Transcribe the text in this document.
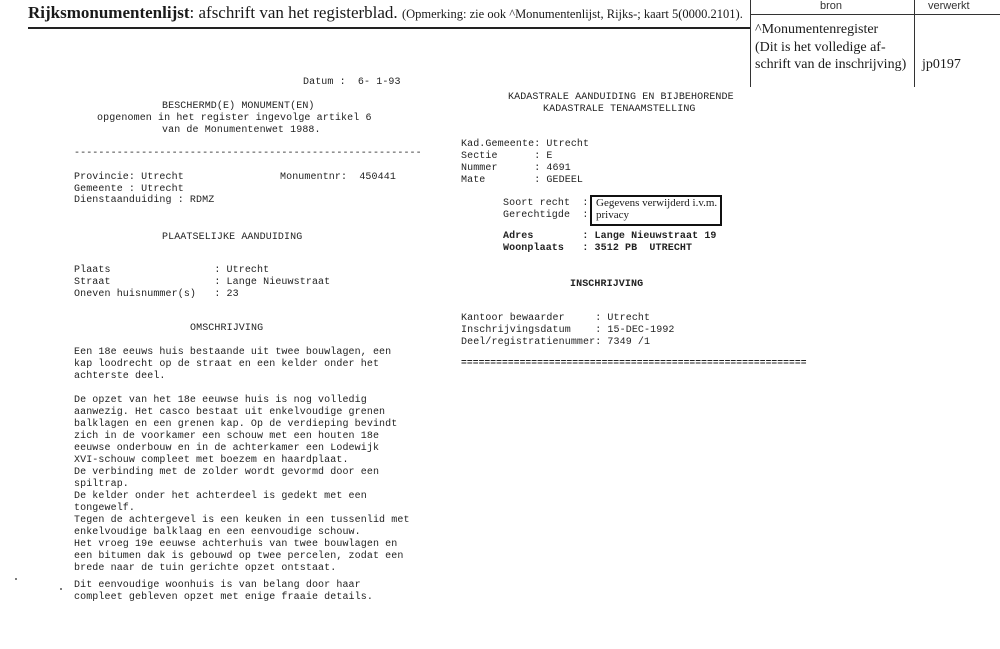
Rijksmonumentenlijst: afschrift van het registerblad. (Opmerking: zie ook ^Monumentenlijst, Rijks-; kaart 5(0000.2101).
bron	verwerkt
^Monumentenregister
(Dit is het volledige af-
schrift van de inschrijving) jp0197
Datum :  6- 1-93
BESCHERMD(E) MONUMENT(EN)
opgenomen in het register ingevolge artikel 6
van de Monumentenwet 1988.
---------------------------------------------------------
Provincie: Utrecht	Monumentnr:  450441
Gemeente : Utrecht
Dienstaanduiding : RDMZ
PLAATSELIJKE AANDUIDING
Plaats                 : Utrecht
Straat                 : Lange Nieuwstraat
Oneven huisnummer(s)   : 23
OMSCHRIJVING
Een 18e eeuws huis bestaande uit twee bouwlagen, een
kap loodrecht op de straat en een kelder onder het
achterste deel.
De opzet van het 18e eeuwse huis is nog volledig
aanwezig. Het casco bestaat uit enkelvoudige grenen
balklagen en een grenen kap. Op de verdieping bevindt
zich in de voorkamer een schouw met een houten 18e
eeuwse onderbouw en in de achterkamer een Lodewijk
XVI-schouw compleet met boezem en haardplaat.
De verbinding met de zolder wordt gevormd door een
spiltrap.
De kelder onder het achterdeel is gedekt met een
tongewelf.
Tegen de achtergevel is een keuken in een tussenlid met
enkelvoudige balklaag en een eenvoudige schouw.
Het vroeg 19e eeuwse achterhuis van twee bouwlagen en
een bitumen dak is gebouwd op twee percelen, zodat een
brede naar de tuin gerichte opzet ontstaat.
Dit eenvoudige woonhuis is van belang door haar
compleet gebleven opzet met enige fraaie details.
KADASTRALE AANDUIDING EN BIJBEHORENDE
KADASTRALE TENAAMSTELLING
Kad.Gemeente: Utrecht
Sectie      : E
Nummer      : 4691
Mate        : GEDEEL
Soort recht  :
Gerechtigde  :
Gegevens verwijderd i.v.m.
privacy
Adres        : Lange Nieuwstraat 19
Woonplaats   : 3512 PB  UTRECHT
INSCHRIJVING
Kantoor bewaarder     : Utrecht
Inschrijvingsdatum    : 15-DEC-1992
Deel/registratienummer: 7349 /1
===========================================================
